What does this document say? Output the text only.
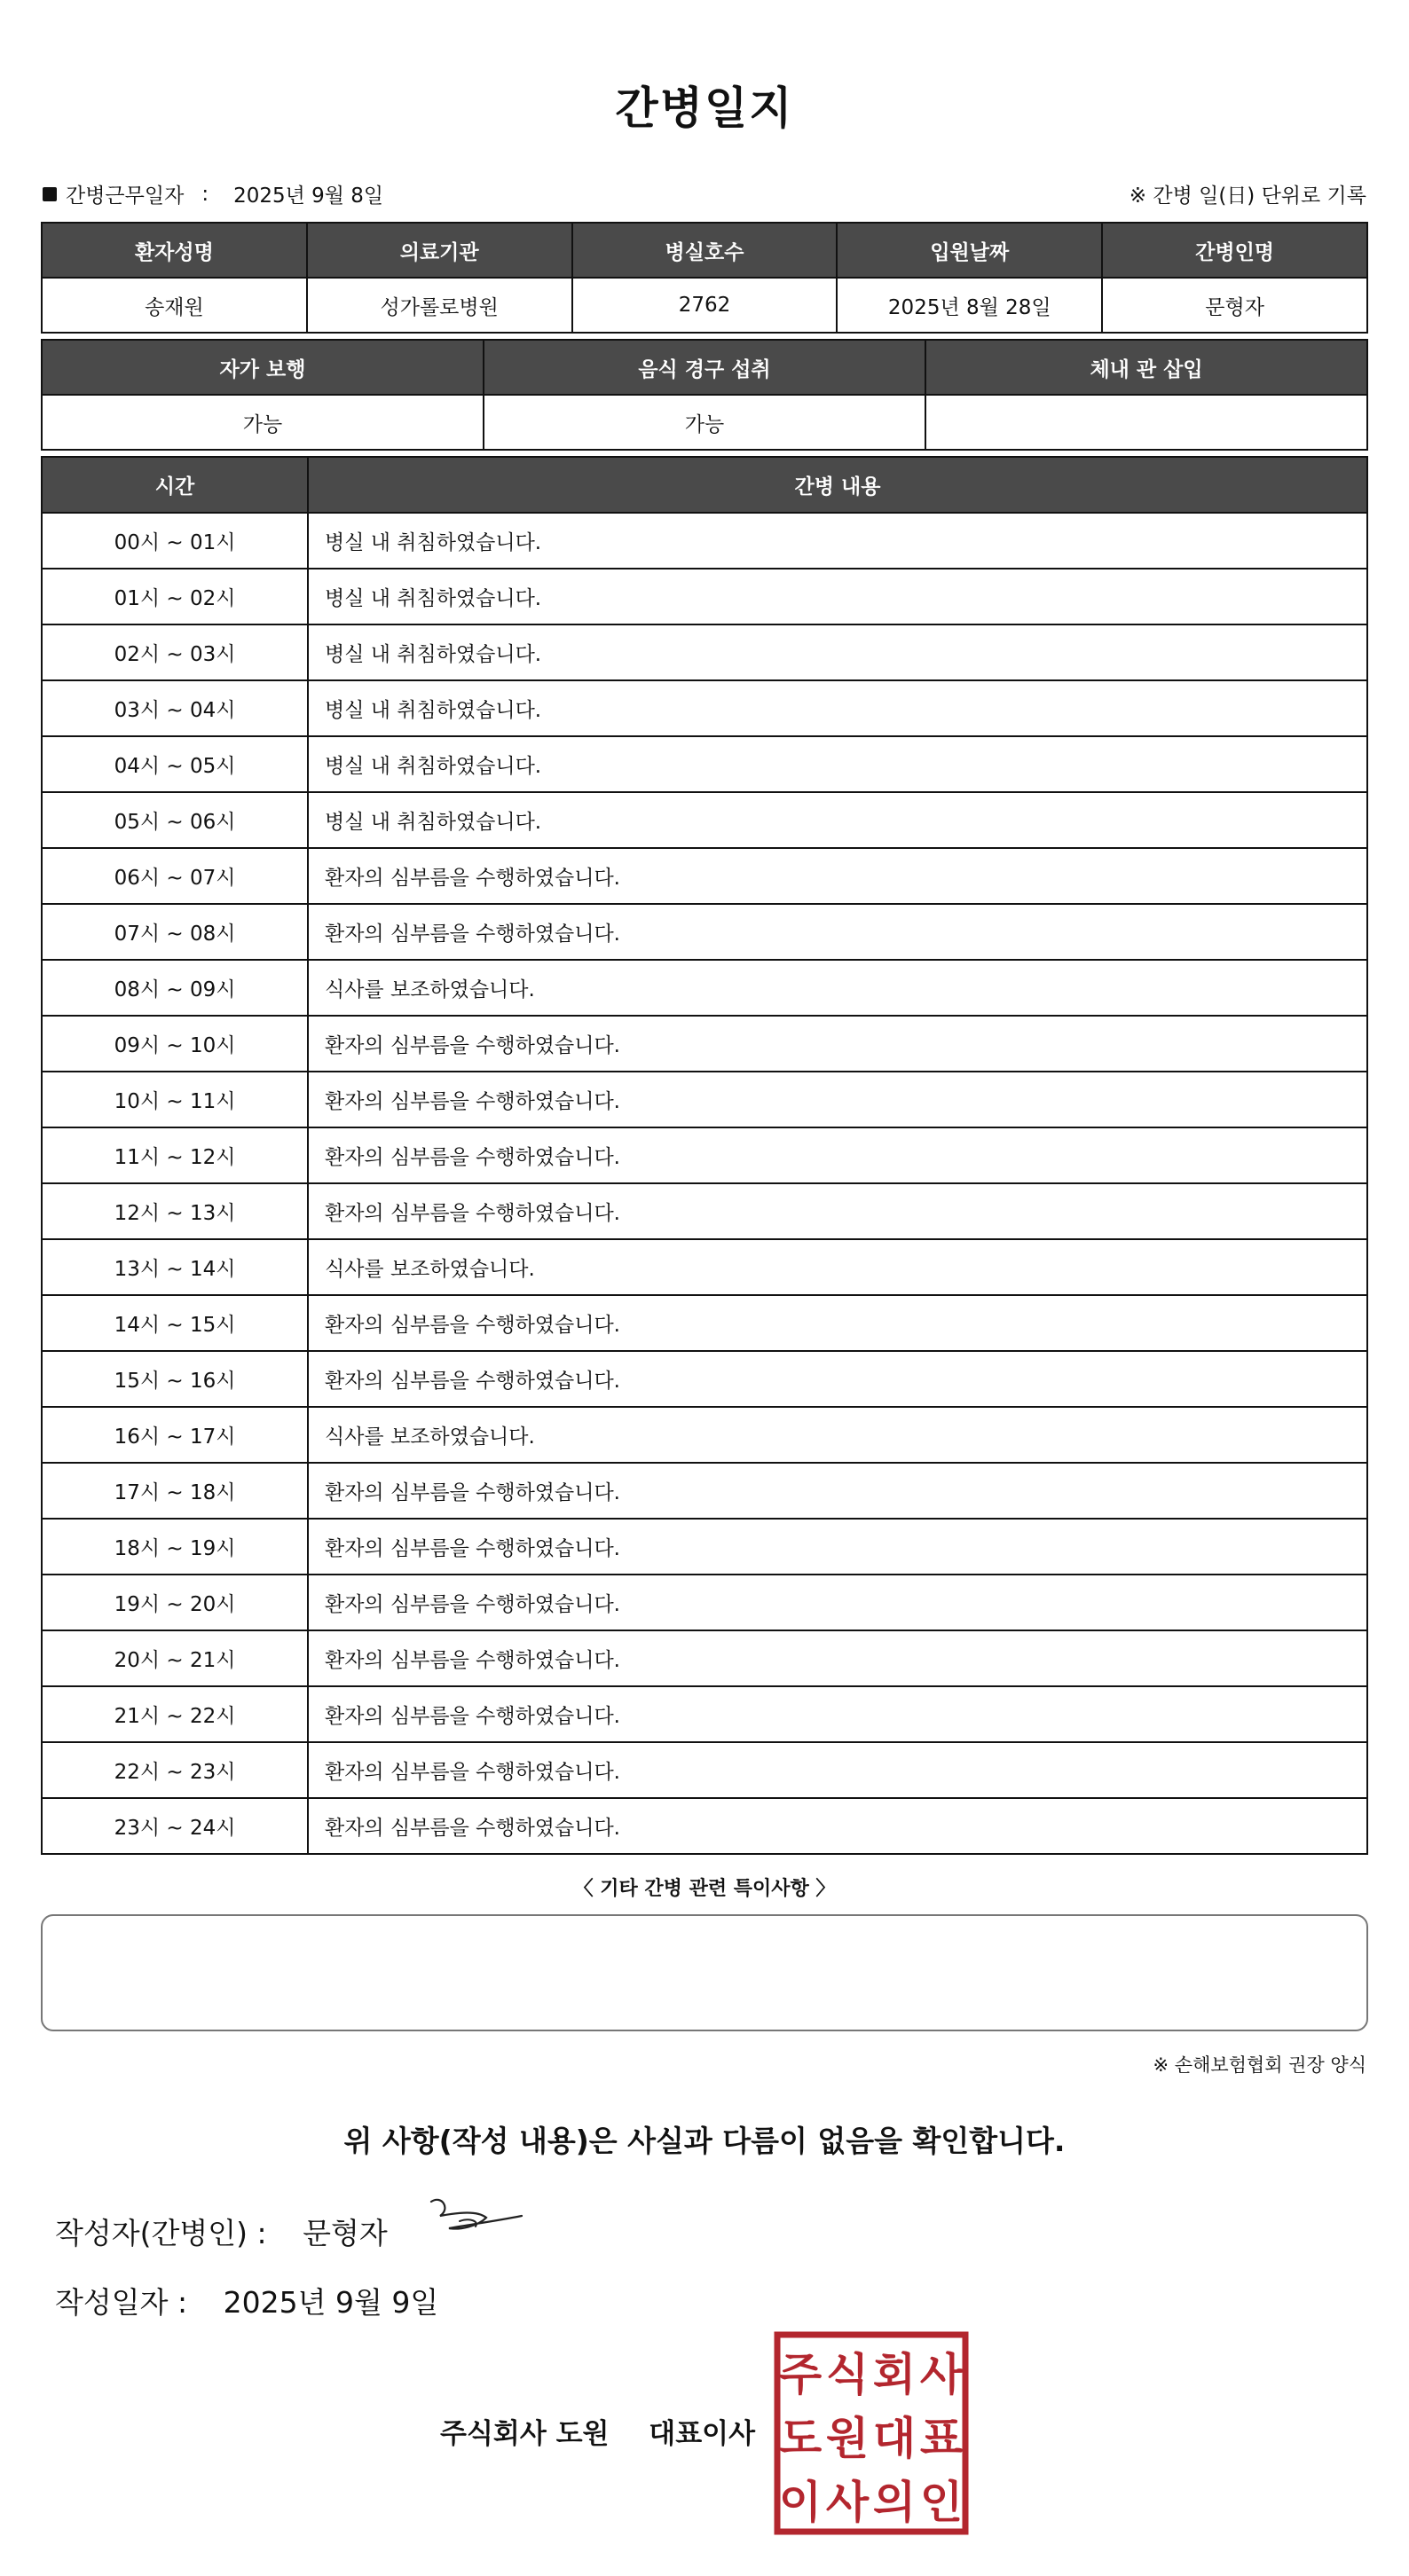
간병일지
간병근무일자 : 2025년 9월 8일	※ 간병 일(日) 단위로 기록
환자성명	의료기관	병실호수	입원날짜	간병인명
송재원	성가롤로병원	2762	2025년 8월 28일	문형자
자가 보행	음식 경구 섭취	체내 관 삽입
가능	가능	
시간	간병 내용
00시 ~ 01시	병실 내 취침하였습니다.
01시 ~ 02시	병실 내 취침하였습니다.
02시 ~ 03시	병실 내 취침하였습니다.
03시 ~ 04시	병실 내 취침하였습니다.
04시 ~ 05시	병실 내 취침하였습니다.
05시 ~ 06시	병실 내 취침하였습니다.
06시 ~ 07시	환자의 심부름을 수행하였습니다.
07시 ~ 08시	환자의 심부름을 수행하였습니다.
08시 ~ 09시	식사를 보조하였습니다.
09시 ~ 10시	환자의 심부름을 수행하였습니다.
10시 ~ 11시	환자의 심부름을 수행하였습니다.
11시 ~ 12시	환자의 심부름을 수행하였습니다.
12시 ~ 13시	환자의 심부름을 수행하였습니다.
13시 ~ 14시	식사를 보조하였습니다.
14시 ~ 15시	환자의 심부름을 수행하였습니다.
15시 ~ 16시	환자의 심부름을 수행하였습니다.
16시 ~ 17시	식사를 보조하였습니다.
17시 ~ 18시	환자의 심부름을 수행하였습니다.
18시 ~ 19시	환자의 심부름을 수행하였습니다.
19시 ~ 20시	환자의 심부름을 수행하였습니다.
20시 ~ 21시	환자의 심부름을 수행하였습니다.
21시 ~ 22시	환자의 심부름을 수행하였습니다.
22시 ~ 23시	환자의 심부름을 수행하였습니다.
23시 ~ 24시	환자의 심부름을 수행하였습니다.
〈 기타 간병 관련 특이사항 〉
※ 손해보험협회 권장 양식
위 사항(작성 내용)은 사실과 다름이 없음을 확인합니다.
작성자(간병인) : 문형자
작성일자 : 2025년 9월 9일
주식회사 도원 대표이사
주 식 회 사
도 원 대 표
이 사 의 인
